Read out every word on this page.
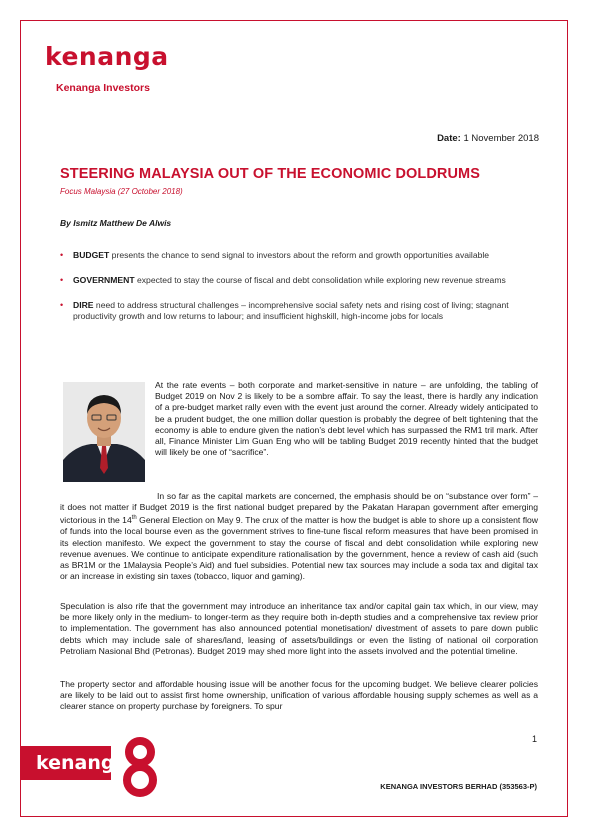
kenanga
Kenanga Investors
Date: 1 November 2018
STEERING MALAYSIA OUT OF THE ECONOMIC DOLDRUMS
Focus Malaysia (27 October 2018)
By Ismitz Matthew De Alwis
• BUDGET presents the chance to send signal to investors about the reform and growth opportunities available
• GOVERNMENT expected to stay the course of fiscal and debt consolidation while exploring new revenue streams
• DIRE need to address structural challenges – incomprehensive social safety nets and rising cost of living; stagnant productivity growth and low returns to labour; and insufficient highskill, high-income jobs for locals

At the rate events – both corporate and market-sensitive in nature – are unfolding, the tabling of Budget 2019 on Nov 2 is likely to be a sombre affair. To say the least, there is hardly any indication of a pre-budget market rally even with the event just around the corner. Already widely anticipated to be a prudent budget, the one million dollar question is probably the degree of belt tightening that the economy is able to endure given the nation’s debt level which has surpassed the RM1 tril mark. After all, Finance Minister Lim Guan Eng who will be tabling Budget 2019 recently hinted that the budget will likely be one of “sacrifice”.

In so far as the capital markets are concerned, the emphasis should be on “substance over form” – it does not matter if Budget 2019 is the first national budget prepared by the Pakatan Harapan government after emerging victorious in the 14th General Election on May 9. The crux of the matter is how the budget is able to shore up a consistent flow of funds into the local bourse even as the government strives to fine-tune fiscal reform measures that have been promised in its election manifesto. We expect the government to stay the course of fiscal and debt consolidation while exploring new revenue avenues. We continue to anticipate expenditure rationalisation by the government, hence a review of cash aid (such as BR1M or the 1Malaysia People’s Aid) and fuel subsidies. Potential new tax sources may include a soda tax and digital tax or an increase in existing sin taxes (tobacco, liquor and gaming).

Speculation is also rife that the government may introduce an inheritance tax and/or capital gain tax which, in our view, may be more likely only in the medium- to longer-term as they require both in-depth studies and a comprehensive tax review prior to implementation. The government has also announced potential monetisation/ divestment of assets to pare down public debts which may include sale of shares/land, leasing of assets/buildings or even the listing of national oil corporation Petroliam Nasional Bhd (Petronas). Budget 2019 may shed more light into the assets involved and the potential timeline.

The property sector and affordable housing issue will be another focus for the upcoming budget. We believe clearer policies are likely to be laid out to assist first home ownership, unification of various affordable housing supply schemes as well as a clearer stance on property purchase by foreigners. To spur

1
kenanga
KENANGA INVESTORS BERHAD (353563-P)
